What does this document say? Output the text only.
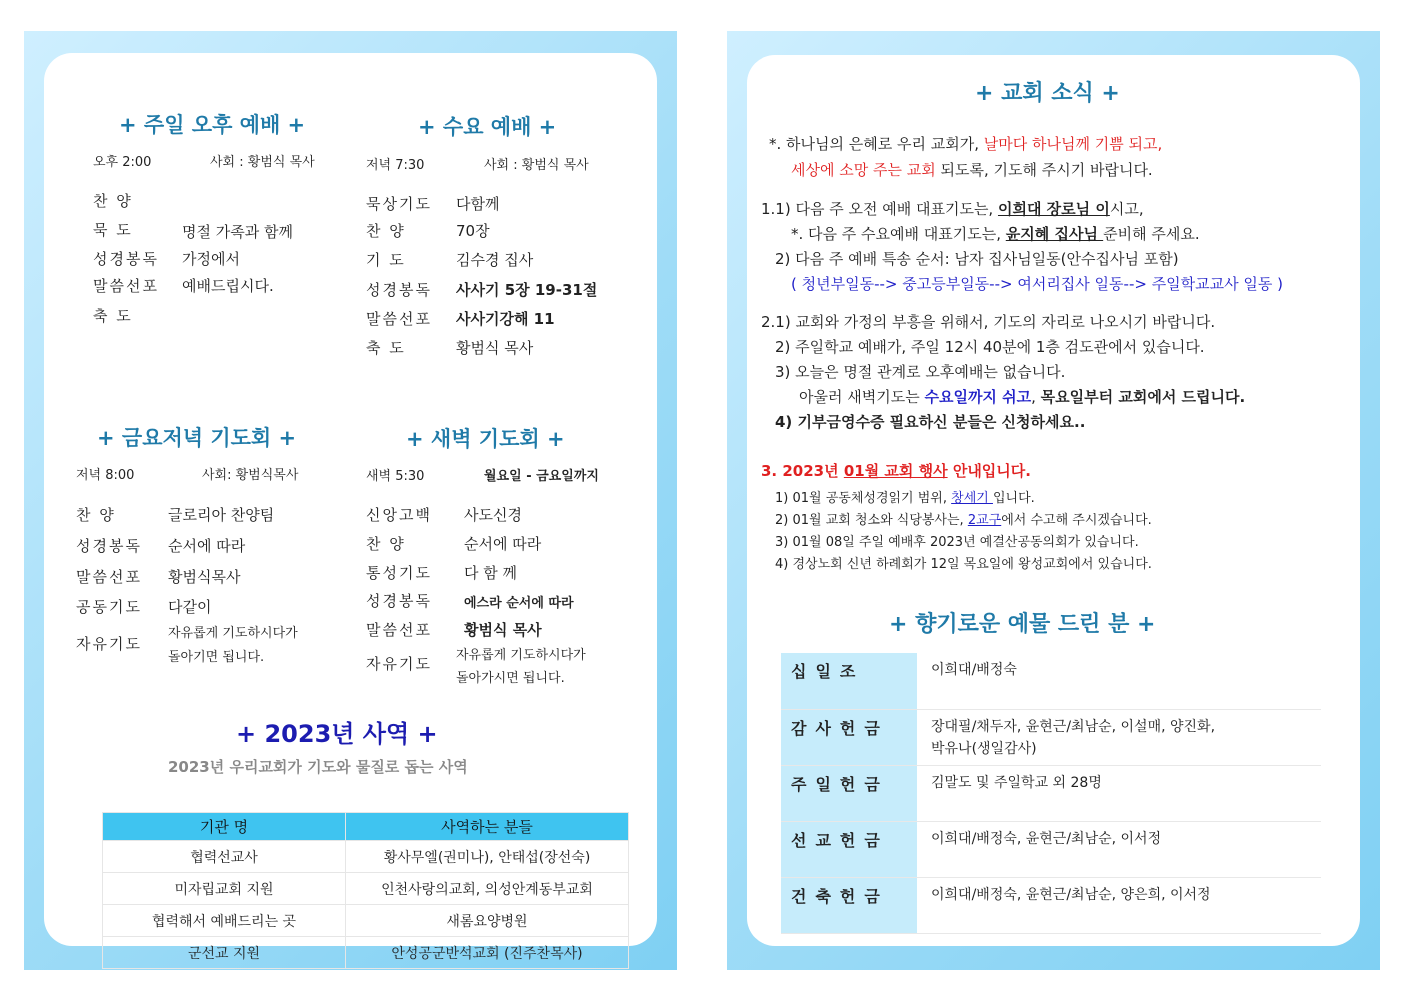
+ 주일 오후 예배 +
오후 2:00	사회 : 황범식 목사
찬 양
묵 도	명절 가족과 함께
성경봉독 가정에서
말씀선포 예배드립시다.
축 도
+ 수요 예배 +
저녁 7:30	사회 : 황범식 목사
묵상기도 다함께
찬 양	70장
기 도	김수경 집사
성경봉독 사사기 5장 19-31절
말씀선포 사사기강해 11
축 도	황범식 목사
+ 금요저녁 기도회 +
저녁 8:00	사회: 황범식목사
찬 양	글로리아 찬양팀
성경봉독 순서에 따라
말씀선포 황범식목사
공동기도 다같이
자유기도
자유롭게 기도하시다가
돌아기면 됩니다.
+ 새벽 기도회 +
새벽 5:30	월요일 - 금요일까지
신앙고백 사도신경
찬 양	순서에 따라
통성기도 다 함 께
성경봉독 에스라 순서에 따라
말씀선포 황범식 목사
자유기도 자유롭게 기도하시다가
돌아가시면 됩니다.
+ 2023년 사역 +
2023년 우리교회가 기도와 물질로 돕는 사역
기관 명	사역하는 분들
협력선교사	황사무엘(권미나), 안태섭(장선숙)
미자립교회 지원	인천사랑의교회, 의성안계동부교회
협력해서 예배드리는 곳	새롬요양병원
군선교 지원	안성공군반석교회 (진주찬목사)
+ 교회 소식 +
*. 하나님의 은혜로 우리 교회가, 날마다 하나님께 기쁨 되고,
세상에 소망 주는 교회 되도록, 기도해 주시기 바랍니다.
1.1) 다음 주 오전 예배 대표기도는, 이희대 장로님 이시고,
*. 다음 주 수요예배 대표기도는, 윤지혜 집사님 준비해 주세요.
2) 다음 주 예배 특송 순서: 남자 집사님일동(안수집사님 포함)
( 청년부일동--> 중고등부일동--> 여서리집사 일동--> 주일학교교사 일동 )
2.1) 교회와 가정의 부흥을 위해서, 기도의 자리로 나오시기 바랍니다.
2) 주일학교 예배가, 주일 12시 40분에 1층 검도관에서 있습니다.
3) 오늘은 명절 관계로 오후예배는 없습니다.
아울러 새벽기도는 수요일까지 쉬고, 목요일부터 교회에서 드립니다.
4) 기부금영수증 필요하신 분들은 신청하세요..
3. 2023년 01월 교회 행사 안내입니다.
1) 01월 공동체성경읽기 범위, 창세기 입니다.
2) 01월 교회 청소와 식당봉사는, 2교구에서 수고해 주시겠습니다.
3) 01월 08일 주일 예배후 2023년 예결산공동의회가 있습니다.
4) 경상노회 신년 하례회가 12일 목요일에 왕성교회에서 있습니다.
+ 향기로운 예물 드린 분 +
십일조	이희대/배정숙
감사헌금	장대필/채두자, 윤현근/최남순, 이설매, 양진화,
박유나(생일감사)
주일헌금	김말도 및 주일학교 외 28명
선교헌금	이희대/배정숙, 윤현근/최남순, 이서정
건축헌금	이희대/배정숙, 윤현근/최남순, 양은희, 이서정
